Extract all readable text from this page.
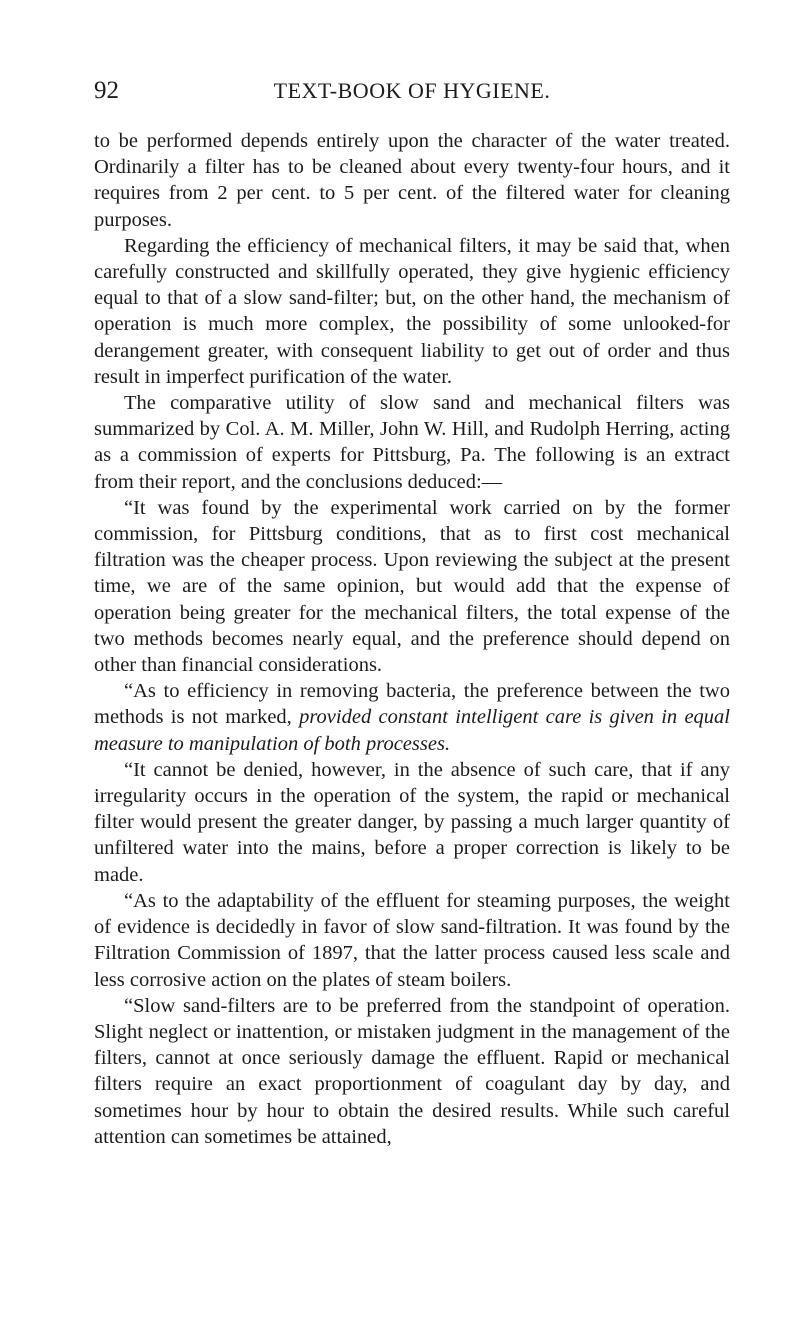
92	TEXT-BOOK OF HYGIENE.

to be performed depends entirely upon the character of the water treated. Ordinarily a filter has to be cleaned about every twenty-four hours, and it requires from 2 per cent. to 5 per cent. of the filtered water for cleaning purposes.

Regarding the efficiency of mechanical filters, it may be said that, when carefully constructed and skillfully operated, they give hygienic efficiency equal to that of a slow sand-filter; but, on the other hand, the mechanism of operation is much more complex, the possibility of some unlooked-for derangement greater, with consequent liability to get out of order and thus result in imperfect purification of the water.

The comparative utility of slow sand and mechanical filters was summarized by Col. A. M. Miller, John W. Hill, and Rudolph Herring, acting as a commission of experts for Pittsburg, Pa. The following is an extract from their report, and the conclusions deduced:—

“It was found by the experimental work carried on by the former commission, for Pittsburg conditions, that as to first cost mechanical filtration was the cheaper process. Upon reviewing the subject at the present time, we are of the same opinion, but would add that the expense of operation being greater for the mechanical filters, the total expense of the two methods becomes nearly equal, and the preference should depend on other than financial considerations.

“As to efficiency in removing bacteria, the preference between the two methods is not marked, provided constant intelligent care is given in equal measure to manipulation of both processes.

“It cannot be denied, however, in the absence of such care, that if any irregularity occurs in the operation of the system, the rapid or mechanical filter would present the greater danger, by passing a much larger quantity of unfiltered water into the mains, before a proper correction is likely to be made.

“As to the adaptability of the effluent for steaming purposes, the weight of evidence is decidedly in favor of slow sand-filtration. It was found by the Filtration Commission of 1897, that the latter process caused less scale and less corrosive action on the plates of steam boilers.

“Slow sand-filters are to be preferred from the standpoint of operation. Slight neglect or inattention, or mistaken judgment in the management of the filters, cannot at once seriously damage the effluent. Rapid or mechanical filters require an exact proportionment of coagulant day by day, and sometimes hour by hour to obtain the desired results. While such careful attention can sometimes be attained,
